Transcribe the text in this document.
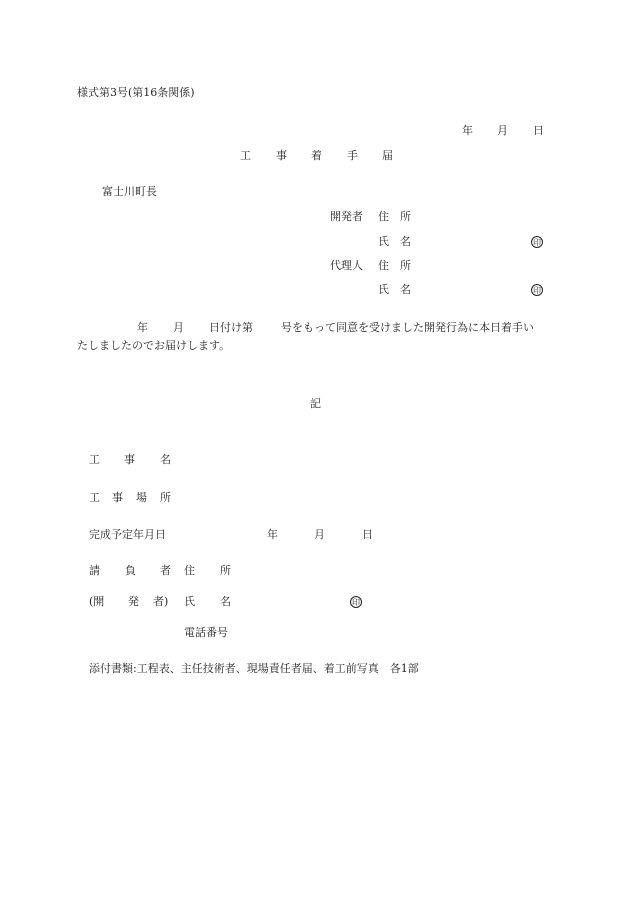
様式第3号(第16条関係)
年 月 日
工 事 着 手 届
富士川町長
開発者 住　所
氏　名	印
代理人 住　所
氏　名	印
年 月 日付け第	号をもって同意を受けました開発行為に本日着手い
たしましたのでお届けします。
記
工 事 名
工 事 場 所
完成予定年月日	年	月	日
請 負 者 住 所
(開 発 者) 氏 名	印
電話番号
添付書類:工程表、主任技術者、現場責任者届、着工前写真　各1部
